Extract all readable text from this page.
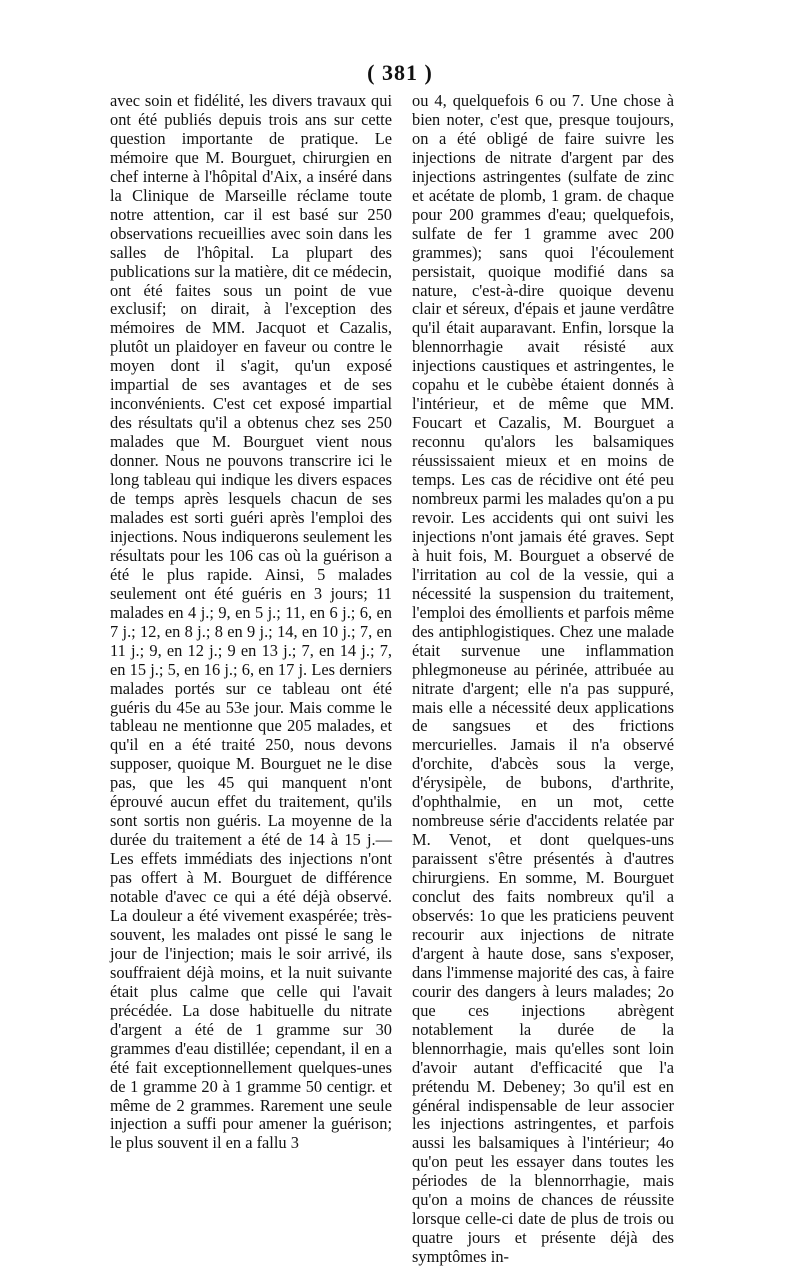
( 381 )

avec soin et fidélité, les divers travaux qui ont été publiés depuis trois ans sur cette question importante de pratique. Le mémoire que M. Bourguet, chirurgien en chef interne à l'hôpital d'Aix, a inséré dans la Clinique de Marseille réclame toute notre attention, car il est basé sur 250 observations recueillies avec soin dans les salles de l'hôpital. La plupart des publications sur la matière, dit ce médecin, ont été faites sous un point de vue exclusif; on dirait, à l'exception des mémoires de MM. Jacquot et Cazalis, plutôt un plaidoyer en faveur ou contre le moyen dont il s'agit, qu'un exposé impartial de ses avantages et de ses inconvénients. C'est cet exposé impartial des résultats qu'il a obtenus chez ses 250 malades que M. Bourguet vient nous donner. Nous ne pouvons transcrire ici le long tableau qui indique les divers espaces de temps après lesquels chacun de ses malades est sorti guéri après l'emploi des injections. Nous indiquerons seulement les résultats pour les 106 cas où la guérison a été le plus rapide. Ainsi, 5 malades seulement ont été guéris en 3 jours; 11 malades en 4 j.; 9, en 5 j.; 11, en 6 j.; 6, en 7 j.; 12, en 8 j.; 8 en 9 j.; 14, en 10 j.; 7, en 11 j.; 9, en 12 j.; 9 en 13 j.; 7, en 14 j.; 7, en 15 j.; 5, en 16 j.; 6, en 17 j. Les derniers malades portés sur ce tableau ont été guéris du 45e au 53e jour. Mais comme le tableau ne mentionne que 205 malades, et qu'il en a été traité 250, nous devons supposer, quoique M. Bourguet ne le dise pas, que les 45 qui manquent n'ont éprouvé aucun effet du traitement, qu'ils sont sortis non guéris. La moyenne de la durée du traitement a été de 14 à 15 j.—Les effets immédiats des injections n'ont pas offert à M. Bourguet de différence notable d'avec ce qui a été déjà observé. La douleur a été vivement exaspérée; très-souvent, les malades ont pissé le sang le jour de l'injection; mais le soir arrivé, ils souffraient déjà moins, et la nuit suivante était plus calme que celle qui l'avait précédée. La dose habituelle du nitrate d'argent a été de 1 gramme sur 30 grammes d'eau distillée; cependant, il en a été fait exceptionnellement quelques-unes de 1 gramme 20 à 1 gramme 50 centigr. et même de 2 grammes. Rarement une seule injection a suffi pour amener la guérison; le plus souvent il en a fallu 3

ou 4, quelquefois 6 ou 7. Une chose à bien noter, c'est que, presque toujours, on a été obligé de faire suivre les injections de nitrate d'argent par des injections astringentes (sulfate de zinc et acétate de plomb, 1 gram. de chaque pour 200 grammes d'eau; quelquefois, sulfate de fer 1 gramme avec 200 grammes); sans quoi l'écoulement persistait, quoique modifié dans sa nature, c'est-à-dire quoique devenu clair et séreux, d'épais et jaune verdâtre qu'il était auparavant. Enfin, lorsque la blennorrhagie avait résisté aux injections caustiques et astringentes, le copahu et le cubèbe étaient donnés à l'intérieur, et de même que MM. Foucart et Cazalis, M. Bourguet a reconnu qu'alors les balsamiques réussissaient mieux et en moins de temps. Les cas de récidive ont été peu nombreux parmi les malades qu'on a pu revoir. Les accidents qui ont suivi les injections n'ont jamais été graves. Sept à huit fois, M. Bourguet a observé de l'irritation au col de la vessie, qui a nécessité la suspension du traitement, l'emploi des émollients et parfois même des antiphlogistiques. Chez une malade était survenue une inflammation phlegmoneuse au périnée, attribuée au nitrate d'argent; elle n'a pas suppuré, mais elle a nécessité deux applications de sangsues et des frictions mercurielles. Jamais il n'a observé d'orchite, d'abcès sous la verge, d'érysipèle, de bubons, d'arthrite, d'ophthalmie, en un mot, cette nombreuse série d'accidents relatée par M. Venot, et dont quelques-uns paraissent s'être présentés à d'autres chirurgiens. En somme, M. Bourguet conclut des faits nombreux qu'il a observés: 1o que les praticiens peuvent recourir aux injections de nitrate d'argent à haute dose, sans s'exposer, dans l'immense majorité des cas, à faire courir des dangers à leurs malades; 2o que ces injections abrègent notablement la durée de la blennorrhagie, mais qu'elles sont loin d'avoir autant d'efficacité que l'a prétendu M. Debeney; 3o qu'il est en général indispensable de leur associer les injections astringentes, et parfois aussi les balsamiques à l'intérieur; 4o qu'on peut les essayer dans toutes les périodes de la blennorrhagie, mais qu'on a moins de chances de réussite lorsque celle-ci date de plus de trois ou quatre jours et présente déjà des symptômes in-
